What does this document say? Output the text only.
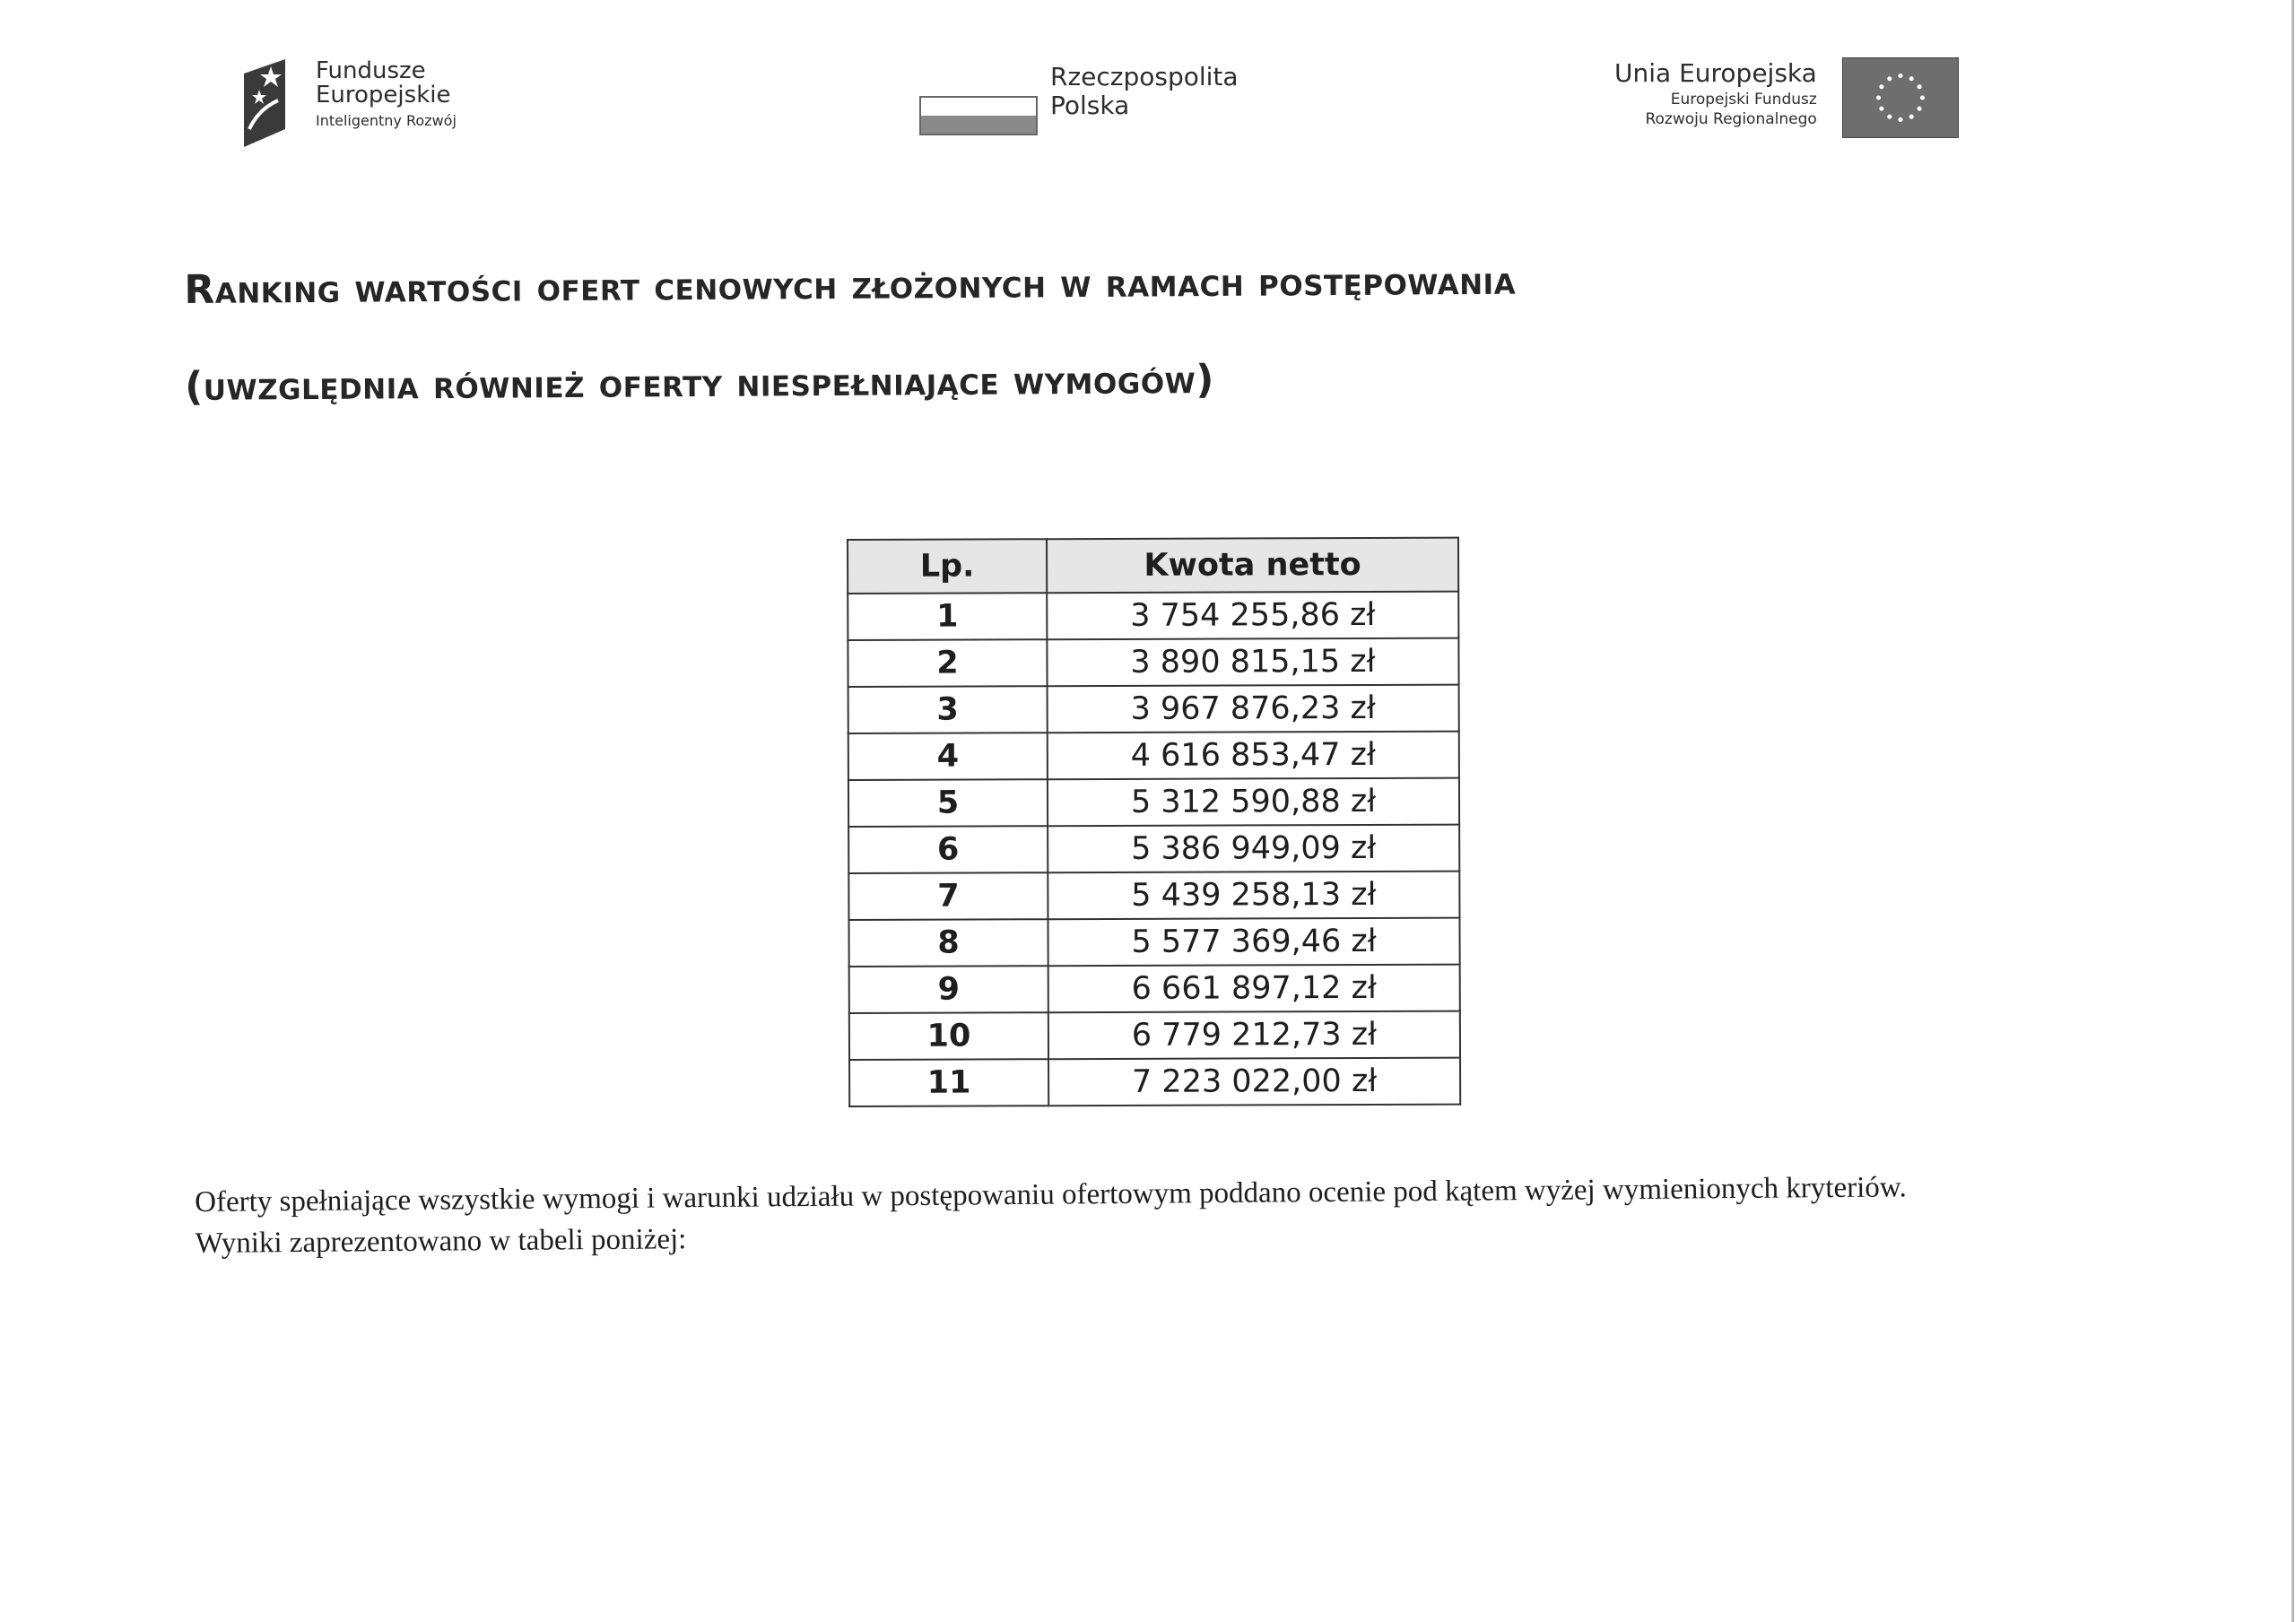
Fundusze
Europejskie
Inteligentny Rozwój
Rzeczpospolita
Polska
Unia Europejska
Europejski Fundusz
Rozwoju Regionalnego
Ranking wartości ofert cenowych złożonych w ramach postępowania
(uwzględnia również oferty niespełniające wymogów)
Lp.	Kwota netto
1	3 754 255,86 zł
2	3 890 815,15 zł
3	3 967 876,23 zł
4	4 616 853,47 zł
5	5 312 590,88 zł
6	5 386 949,09 zł
7	5 439 258,13 zł
8	5 577 369,46 zł
9	6 661 897,12 zł
10	6 779 212,73 zł
11	7 223 022,00 zł

Oferty spełniające wszystkie wymogi i warunki udziału w postępowaniu ofertowym poddano ocenie pod kątem wyżej wymienionych kryteriów.
Wyniki zaprezentowano w tabeli poniżej:
